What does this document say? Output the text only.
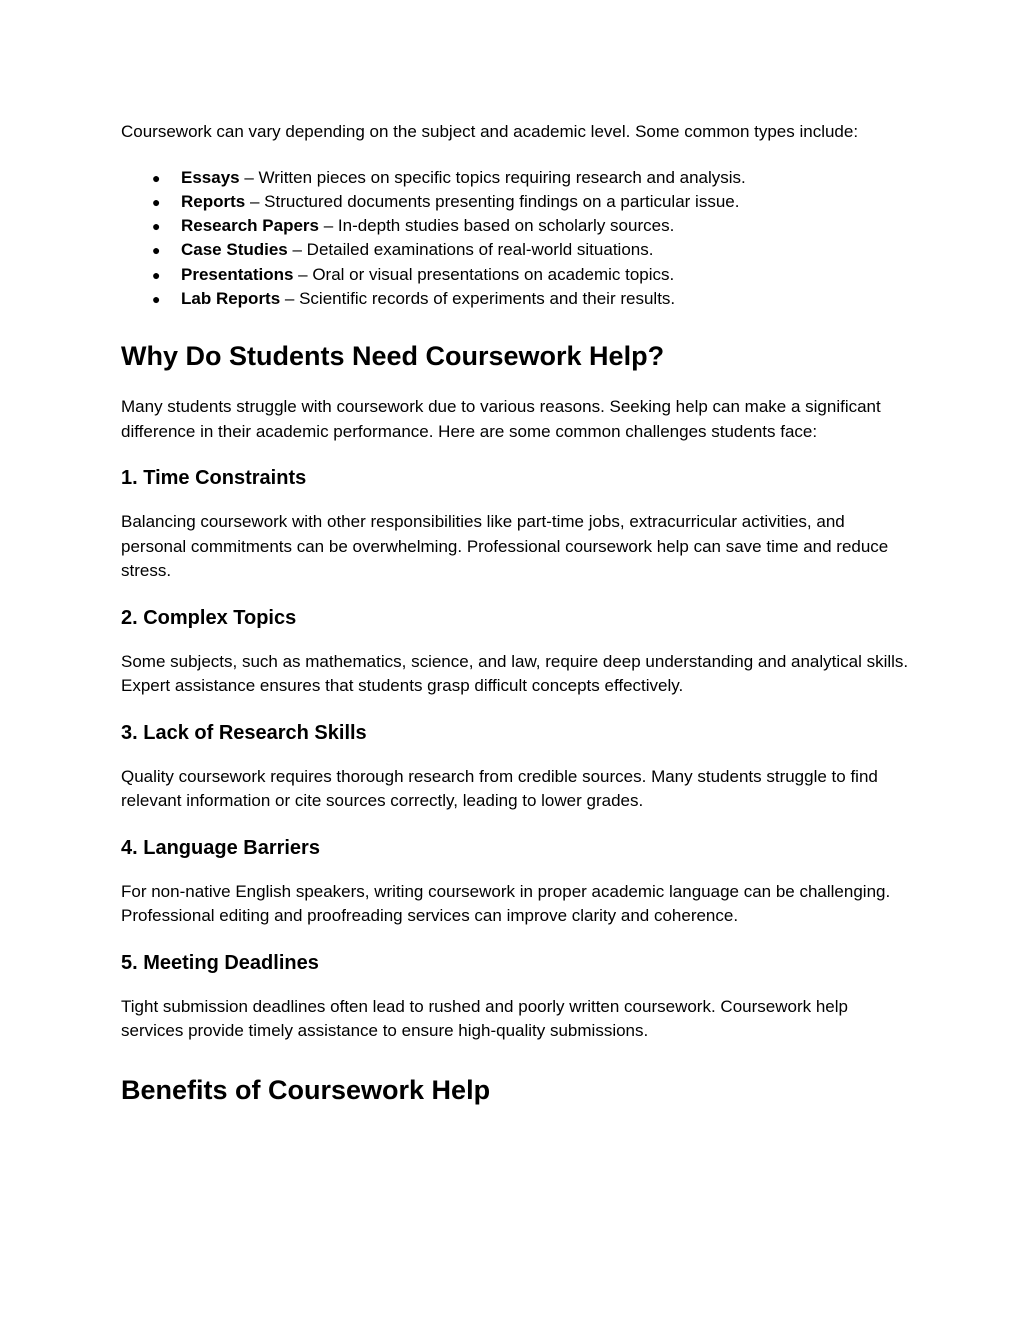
Coursework can vary depending on the subject and academic level. Some common types include:

● Essays – Written pieces on specific topics requiring research and analysis.
● Reports – Structured documents presenting findings on a particular issue.
● Research Papers – In-depth studies based on scholarly sources.
● Case Studies – Detailed examinations of real-world situations.
● Presentations – Oral or visual presentations on academic topics.
● Lab Reports – Scientific records of experiments and their results.
Why Do Students Need Coursework Help?

Many students struggle with coursework due to various reasons. Seeking help can make a significant difference in their academic performance. Here are some common challenges students face:

1. Time Constraints

Balancing coursework with other responsibilities like part-time jobs, extracurricular activities, and personal commitments can be overwhelming. Professional coursework help can save time and reduce stress.

2. Complex Topics

Some subjects, such as mathematics, science, and law, require deep understanding and analytical skills. Expert assistance ensures that students grasp difficult concepts effectively.

3. Lack of Research Skills

Quality coursework requires thorough research from credible sources. Many students struggle to find relevant information or cite sources correctly, leading to lower grades.

4. Language Barriers

For non-native English speakers, writing coursework in proper academic language can be challenging. Professional editing and proofreading services can improve clarity and coherence.

5. Meeting Deadlines

Tight submission deadlines often lead to rushed and poorly written coursework. Coursework help services provide timely assistance to ensure high-quality submissions.

Benefits of Coursework Help
